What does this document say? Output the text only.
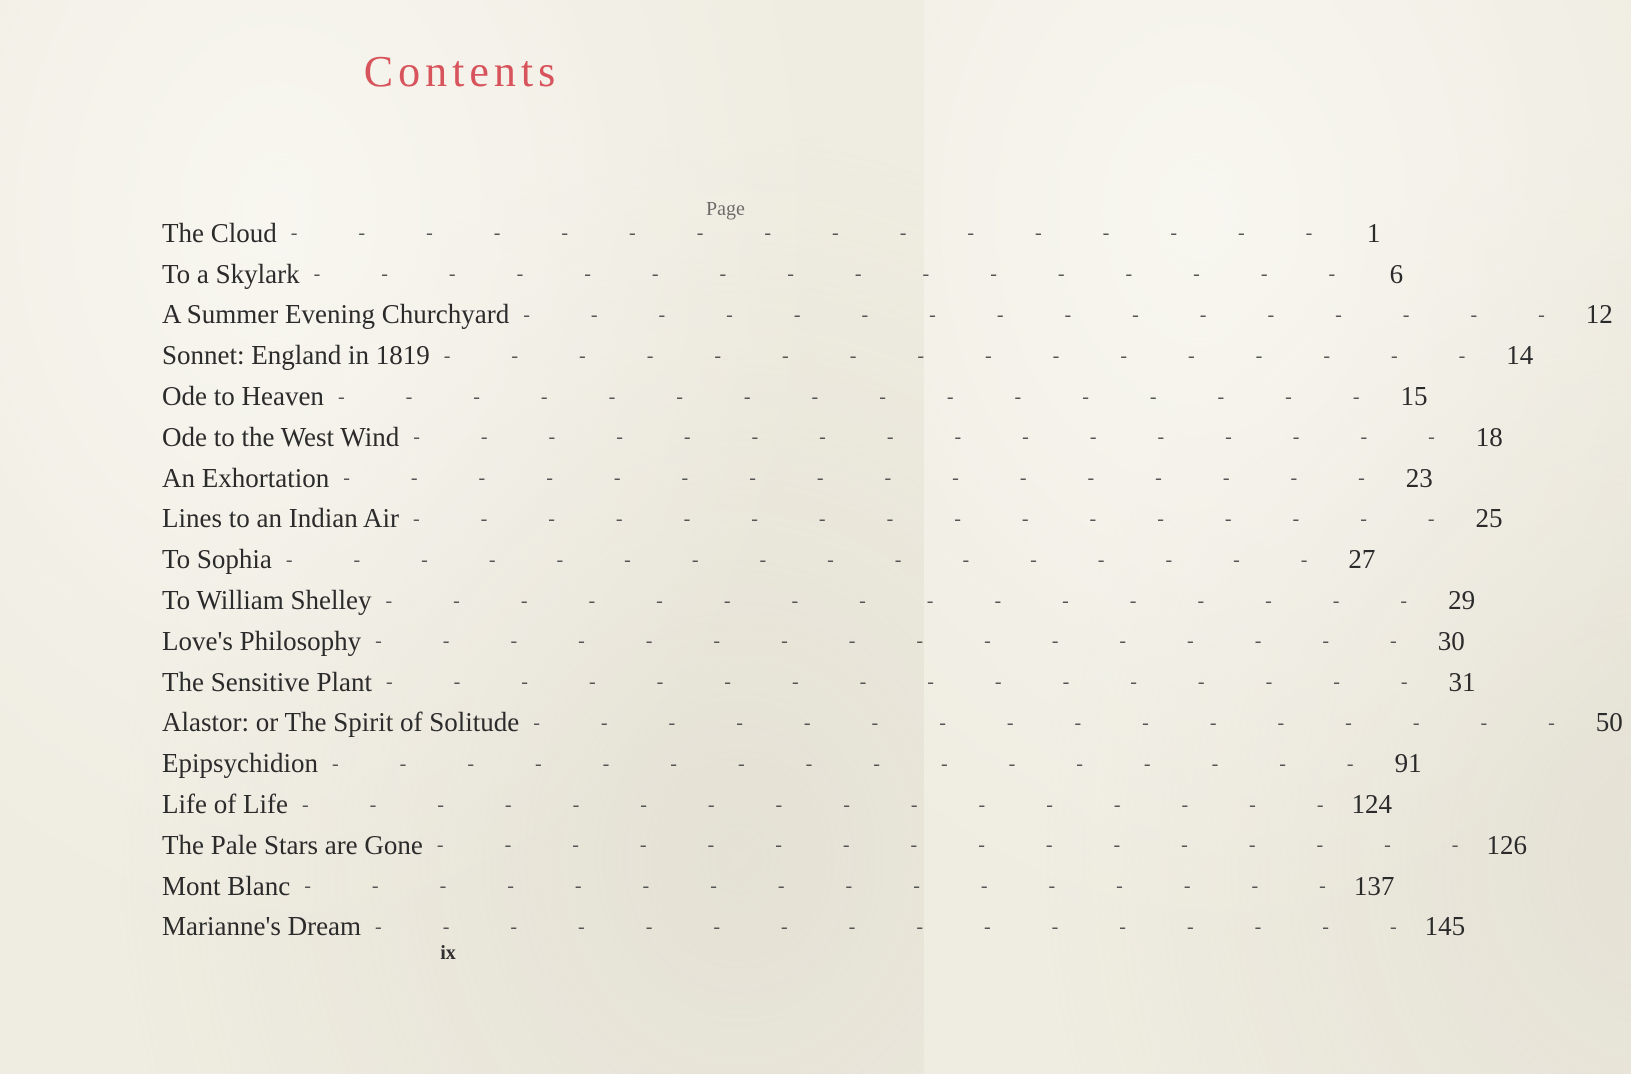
Contents
Page
The Cloud - - - - - - - - - - - - - - - - 1
To a Skylark - - - - - - - - - - - - - - - - 6
A Summer Evening Churchyard - - - - - - - - - - - - - - - - 12
Sonnet: England in 1819 - - - - - - - - - - - - - - - - 14
Ode to Heaven - - - - - - - - - - - - - - - - 15
Ode to the West Wind - - - - - - - - - - - - - - - - 18
An Exhortation - - - - - - - - - - - - - - - - 23
Lines to an Indian Air - - - - - - - - - - - - - - - - 25
To Sophia - - - - - - - - - - - - - - - - 27
To William Shelley - - - - - - - - - - - - - - - - 29
Love's Philosophy - - - - - - - - - - - - - - - - 30
The Sensitive Plant - - - - - - - - - - - - - - - - 31
Alastor: or The Spirit of Solitude - - - - - - - - - - - - - - - - 50
Epipsychidion - - - - - - - - - - - - - - - - 91
Life of Life - - - - - - - - - - - - - - - - 124
The Pale Stars are Gone - - - - - - - - - - - - - - - - 126
Mont Blanc - - - - - - - - - - - - - - - - 137
Marianne's Dream - - - - - - - - - - - - - - - - 145
ix
